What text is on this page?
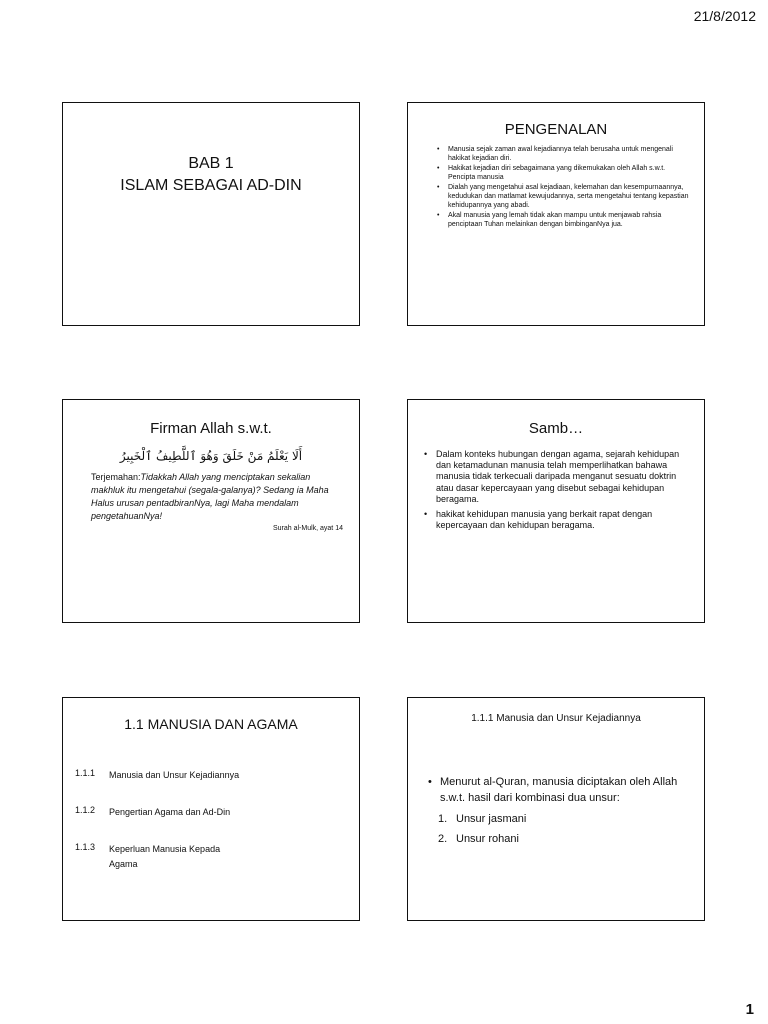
21/8/2012
BAB 1
ISLAM SEBAGAI AD-DIN
PENGENALAN
• Manusia sejak zaman awal kejadiannya telah berusaha untuk mengenali hakikat kejadian diri.
• Hakikat kejadian diri sebagaimana yang dikemukakan oleh Allah s.w.t. Pencipta manusia
• Dialah yang mengetahui asal kejadiaan, kelemahan dan kesempurnaannya, kedudukan dan matlamat kewujudannya, serta mengetahui tentang kepastian kehidupannya yang abadi.
• Akal manusia yang lemah tidak akan mampu untuk menjawab rahsia penciptaan Tuhan melainkan dengan bimbinganNya jua.
Firman Allah s.w.t.
أَلَا يَعْلَمُ مَنْ خَلَقَ وَهُوَ ٱللَّطِيفُ ٱلْخَبِيرُ
Terjemahan:Tidakkah Allah yang menciptakan sekalian makhluk itu mengetahui (segala-galanya)? Sedang ia Maha Halus urusan pentadbiranNya, lagi Maha mendalam pengetahuanNya!
Surah al-Mulk, ayat 14
Samb…
• Dalam konteks hubungan dengan agama, sejarah kehidupan dan ketamadunan manusia telah memperlihatkan bahawa manusia tidak terkecuali daripada menganut sesuatu doktrin atau dasar kepercayaan yang disebut sebagai kehidupan beragama.
• hakikat kehidupan manusia yang berkait rapat dengan kepercayaan dan kehidupan beragama.
1.1 MANUSIA DAN AGAMA
1.1.1	Manusia dan Unsur Kejadiannya
1.1.2	Pengertian Agama dan Ad-Din
1.1.3	Keperluan Manusia Kepada Agama
1.1.1 Manusia dan Unsur Kejadiannya
• Menurut al-Quran, manusia diciptakan oleh Allah s.w.t. hasil dari kombinasi dua unsur:
1. Unsur jasmani
2. Unsur rohani
1
